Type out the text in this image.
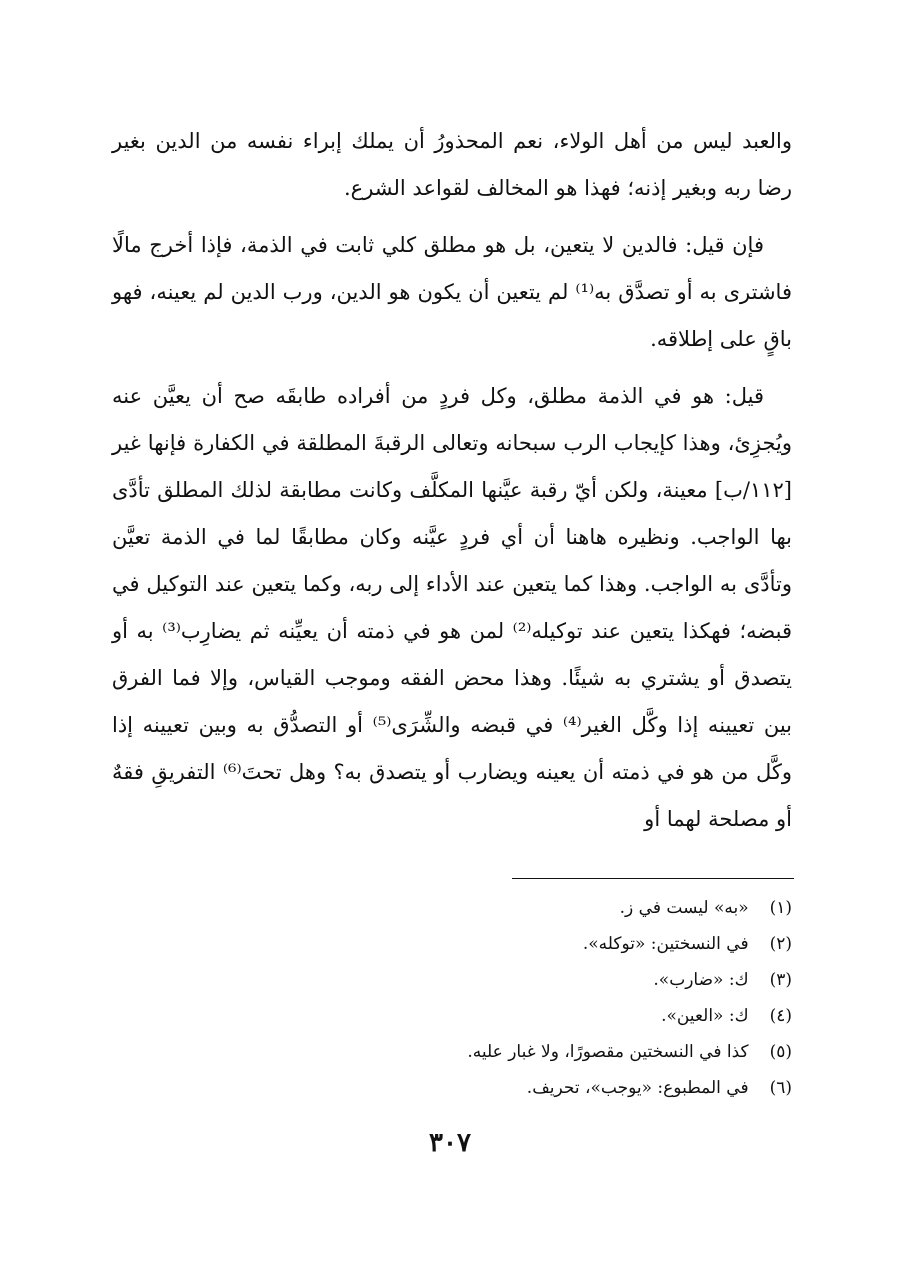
والعبد ليس من أهل الولاء، نعم المحذورُ أن يملك إبراء نفسه من الدين بغير رضا ربه وبغير إذنه؛ فهذا هو المخالف لقواعد الشرع.

فإن قيل: فالدين لا يتعين، بل هو مطلق كلي ثابت في الذمة، فإذا أخرج مالًا فاشترى به أو تصدَّق به⁽¹⁾ لم يتعين أن يكون هو الدين، ورب الدين لم يعينه، فهو باقٍ على إطلاقه.

قيل: هو في الذمة مطلق، وكل فردٍ من أفراده طابقَه صح أن يعيَّن عنه ويُجزِئ، وهذا كإيجاب الرب سبحانه وتعالى الرقبةَ المطلقة في الكفارة فإنها غير [١١٢/ب] معينة، ولكن أيّ رقبة عيَّنها المكلَّف وكانت مطابقة لذلك المطلق تأدَّى بها الواجب. ونظيره هاهنا أن أي فردٍ عيَّنه وكان مطابقًا لما في الذمة تعيَّن وتأدَّى به الواجب. وهذا كما يتعين عند الأداء إلى ربه، وكما يتعين عند التوكيل في قبضه؛ فهكذا يتعين عند توكيله⁽²⁾ لمن هو في ذمته أن يعيِّنه ثم يضارِب⁽³⁾ به أو يتصدق أو يشتري به شيئًا. وهذا محض الفقه وموجب القياس، وإلا فما الفرق بين تعيينه إذا وكَّل الغير⁽⁴⁾ في قبضه والشِّرَى⁽⁵⁾ أو التصدُّق به وبين تعيينه إذا وكَّل من هو في ذمته أن يعينه ويضارب أو يتصدق به؟ وهل تحتَ⁽⁶⁾ التفريقِ فقهٌ أو مصلحة لهما أو

(١) «به» ليست في ز.
(٢) في النسختين: «توكله».
(٣) ك: «ضارب».
(٤) ك: «العين».
(٥) كذا في النسختين مقصورًا، ولا غبار عليه.
(٦) في المطبوع: «يوجب»، تحريف.
٣٠٧
